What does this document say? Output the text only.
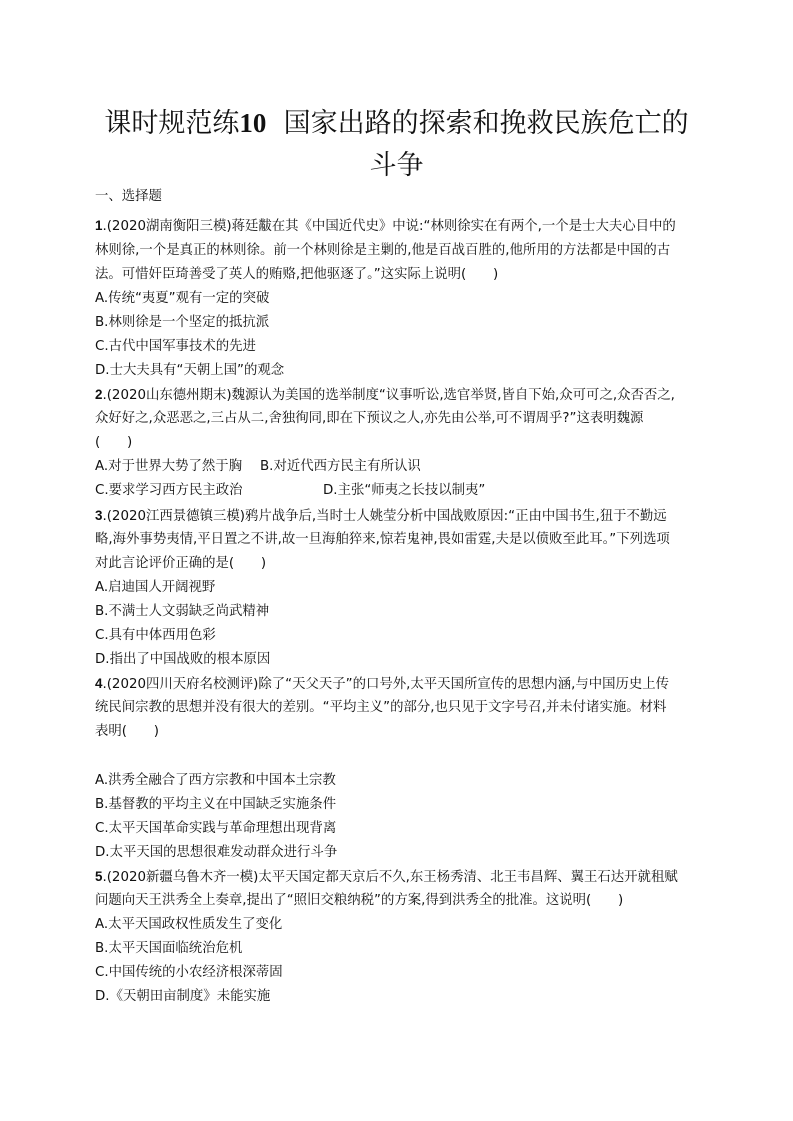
课时规范练10 国家出路的探索和挽救民族危亡的
斗争
一、选择题
1.(2020湖南衡阳三模)蒋廷黻在其《中国近代史》中说:“林则徐实在有两个,一个是士大夫心目中的
林则徐,一个是真正的林则徐。前一个林则徐是主剿的,他是百战百胜的,他所用的方法都是中国的古
法。可惜奸臣琦善受了英人的贿赂,把他驱逐了。”这实际上说明(　　)
A.传统“夷夏”观有一定的突破
B.林则徐是一个坚定的抵抗派
C.古代中国军事技术的先进
D.士大夫具有“天朝上国”的观念
2.(2020山东德州期末)魏源认为美国的选举制度“议事听讼,选官举贤,皆自下始,众可可之,众否否之,
众好好之,众恶恶之,三占从二,舍独徇同,即在下预议之人,亦先由公举,可不谓周乎?”这表明魏源
(　　)
A.对于世界大势了然于胸 B.对近代西方民主有所认识
C.要求学习西方民主政治	D.主张“师夷之长技以制夷”
3.(2020江西景德镇三模)鸦片战争后,当时士人姚莹分析中国战败原因:“正由中国书生,狃于不勤远
略,海外事势夷情,平日置之不讲,故一旦海舶猝来,惊若鬼神,畏如雷霆,夫是以偾败至此耳。”下列选项
对此言论评价正确的是(　　)
A.启迪国人开阔视野
B.不满士人文弱缺乏尚武精神
C.具有中体西用色彩
D.指出了中国战败的根本原因
4.(2020四川天府名校测评)除了“天父天子”的口号外,太平天国所宣传的思想内涵,与中国历史上传
统民间宗教的思想并没有很大的差别。“平均主义”的部分,也只见于文字号召,并未付诸实施。材料
表明(　　)
A.洪秀全融合了西方宗教和中国本土宗教
B.基督教的平均主义在中国缺乏实施条件
C.太平天国革命实践与革命理想出现背离
D.太平天国的思想很难发动群众进行斗争
5.(2020新疆乌鲁木齐一模)太平天国定都天京后不久,东王杨秀清、北王韦昌辉、翼王石达开就租赋
问题向天王洪秀全上奏章,提出了“照旧交粮纳税”的方案,得到洪秀全的批准。这说明(　　)
A.太平天国政权性质发生了变化
B.太平天国面临统治危机
C.中国传统的小农经济根深蒂固
D.《天朝田亩制度》未能实施
